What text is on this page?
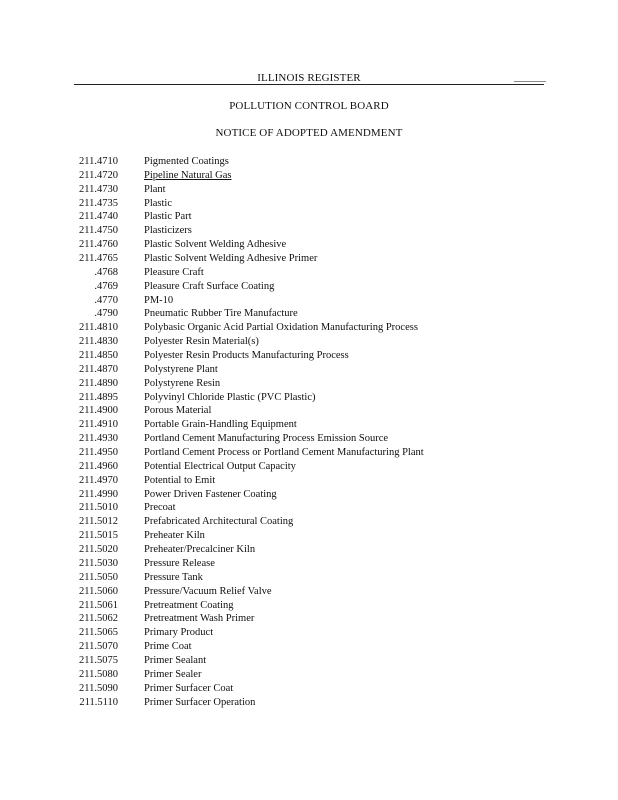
ILLINOIS REGISTER
POLLUTION CONTROL BOARD
NOTICE OF ADOPTED AMENDMENT
211.4710 Pigmented Coatings
211.4720 Pipeline Natural Gas
211.4730 Plant
211.4735 Plastic
211.4740 Plastic Part
211.4750 Plasticizers
211.4760 Plastic Solvent Welding Adhesive
211.4765 Plastic Solvent Welding Adhesive Primer
.4768 Pleasure Craft
.4769 Pleasure Craft Surface Coating
.4770 PM-10
.4790 Pneumatic Rubber Tire Manufacture
211.4810 Polybasic Organic Acid Partial Oxidation Manufacturing Process
211.4830 Polyester Resin Material(s)
211.4850 Polyester Resin Products Manufacturing Process
211.4870 Polystyrene Plant
211.4890 Polystyrene Resin
211.4895 Polyvinyl Chloride Plastic (PVC Plastic)
211.4900 Porous Material
211.4910 Portable Grain-Handling Equipment
211.4930 Portland Cement Manufacturing Process Emission Source
211.4950 Portland Cement Process or Portland Cement Manufacturing Plant
211.4960 Potential Electrical Output Capacity
211.4970 Potential to Emit
211.4990 Power Driven Fastener Coating
211.5010 Precoat
211.5012 Prefabricated Architectural Coating
211.5015 Preheater Kiln
211.5020 Preheater/Precalciner Kiln
211.5030 Pressure Release
211.5050 Pressure Tank
211.5060 Pressure/Vacuum Relief Valve
211.5061 Pretreatment Coating
211.5062 Pretreatment Wash Primer
211.5065 Primary Product
211.5070 Prime Coat
211.5075 Primer Sealant
211.5080 Primer Sealer
211.5090 Primer Surfacer Coat
211.5110 Primer Surfacer Operation
